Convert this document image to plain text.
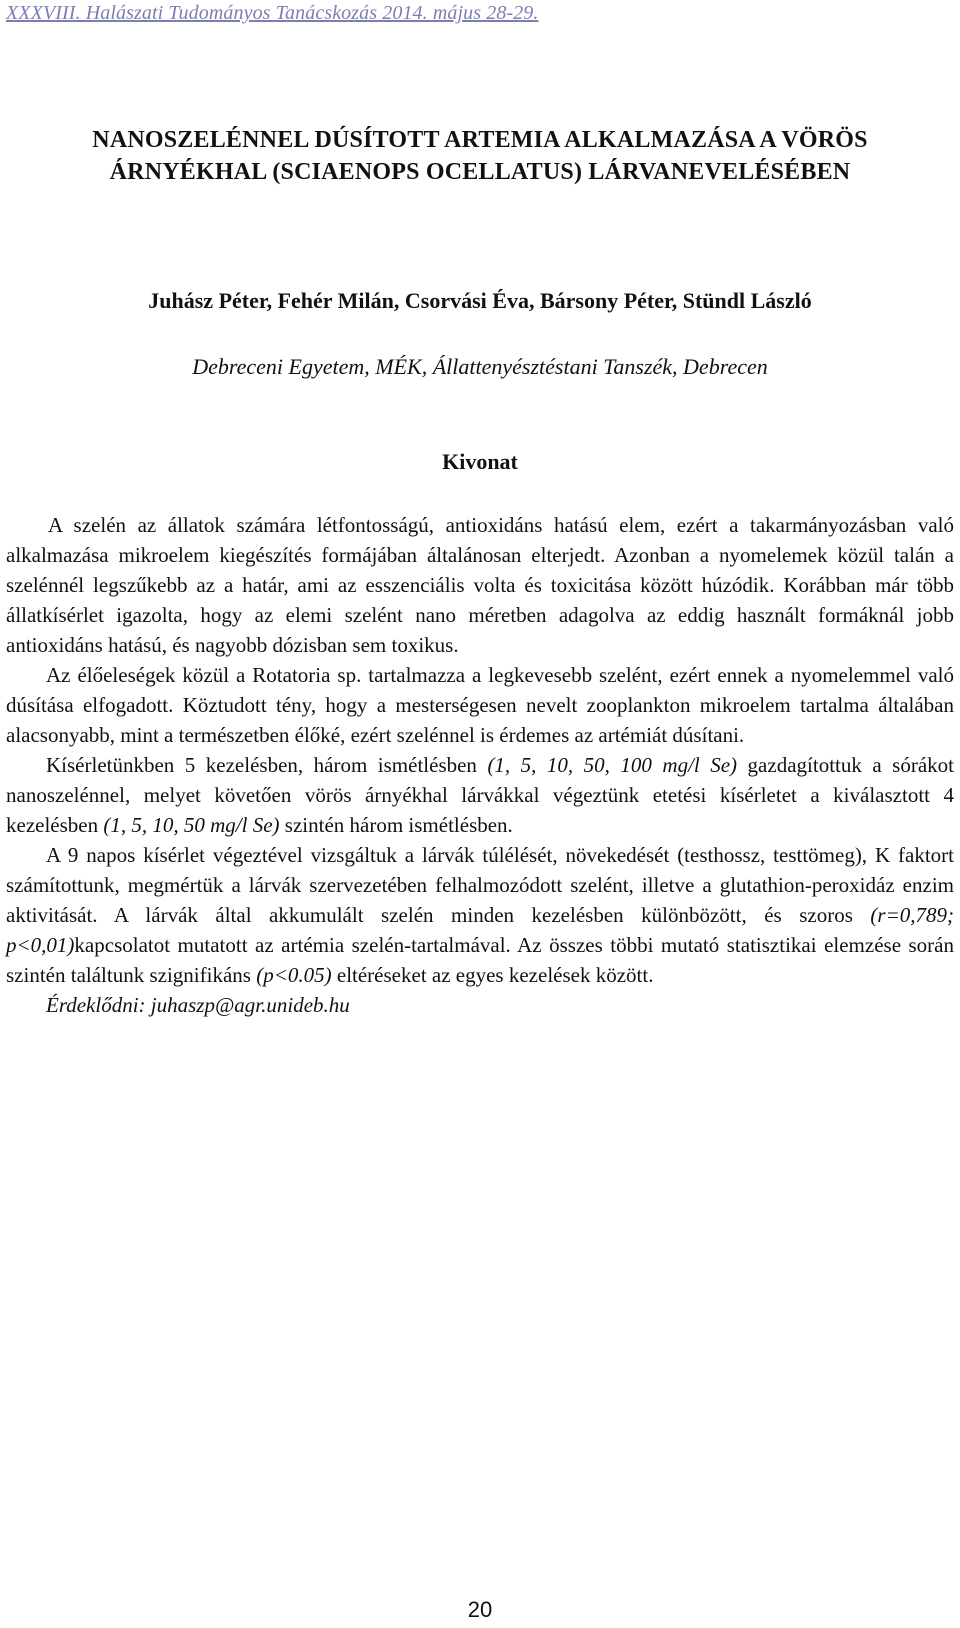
XXXVIII. Halászati Tudományos Tanácskozás 2014. május 28-29.
NANOSZELÉNNEL DÚSÍTOTT ARTEMIA ALKALMAZÁSA A VÖRÖS
ÁRNYÉKHAL (SCIAENOPS OCELLATUS) LÁRVANEVELÉSÉBEN
Juhász Péter, Fehér Milán, Csorvási Éva, Bársony Péter, Stündl László
Debreceni Egyetem, MÉK, Állattenyésztéstani Tanszék, Debrecen
Kivonat

A szelén az állatok számára létfontosságú, antioxidáns hatású elem, ezért a takarmányozásban való alkalmazása mikroelem kiegészítés formájában általánosan elterjedt. Azonban a nyomelemek közül talán a szelénnél legszűkebb az a határ, ami az esszenciális volta és toxicitása között húzódik. Korábban már több állatkísérlet igazolta, hogy az elemi szelént nano méretben adagolva az eddig használt formáknál jobb antioxidáns hatású, és nagyobb dózisban sem toxikus.

Az élőeleségek közül a Rotatoria sp. tartalmazza a legkevesebb szelént, ezért ennek a nyomelemmel való dúsítása elfogadott. Köztudott tény, hogy a mesterségesen nevelt zooplankton mikroelem tartalma általában alacsonyabb, mint a természetben élőké, ezért szelénnel is érdemes az artémiát dúsítani.

Kísérletünkben 5 kezelésben, három ismétlésben (1, 5, 10, 50, 100 mg/l Se) gazdagítottuk a sórákot nanoszelénnel, melyet követően vörös árnyékhal lárvákkal végeztünk etetési kísérletet a kiválasztott 4 kezelésben (1, 5, 10, 50 mg/l Se) szintén három ismétlésben.

A 9 napos kísérlet végeztével vizsgáltuk a lárvák túlélését, növekedését (testhossz, testtömeg), K faktort számítottunk, megmértük a lárvák szervezetében felhalmozódott szelént, illetve a glutathion-peroxidáz enzim aktivitását. A lárvák által akkumulált szelén minden kezelésben különbözött, és szoros (r=0,789; p<0,01)kapcsolatot mutatott az artémia szelén-tartalmával. Az összes többi mutató statisztikai elemzése során szintén találtunk szignifikáns (p<0.05) eltéréseket az egyes kezelések között.

Érdeklődni: juhaszp@agr.unideb.hu

20
